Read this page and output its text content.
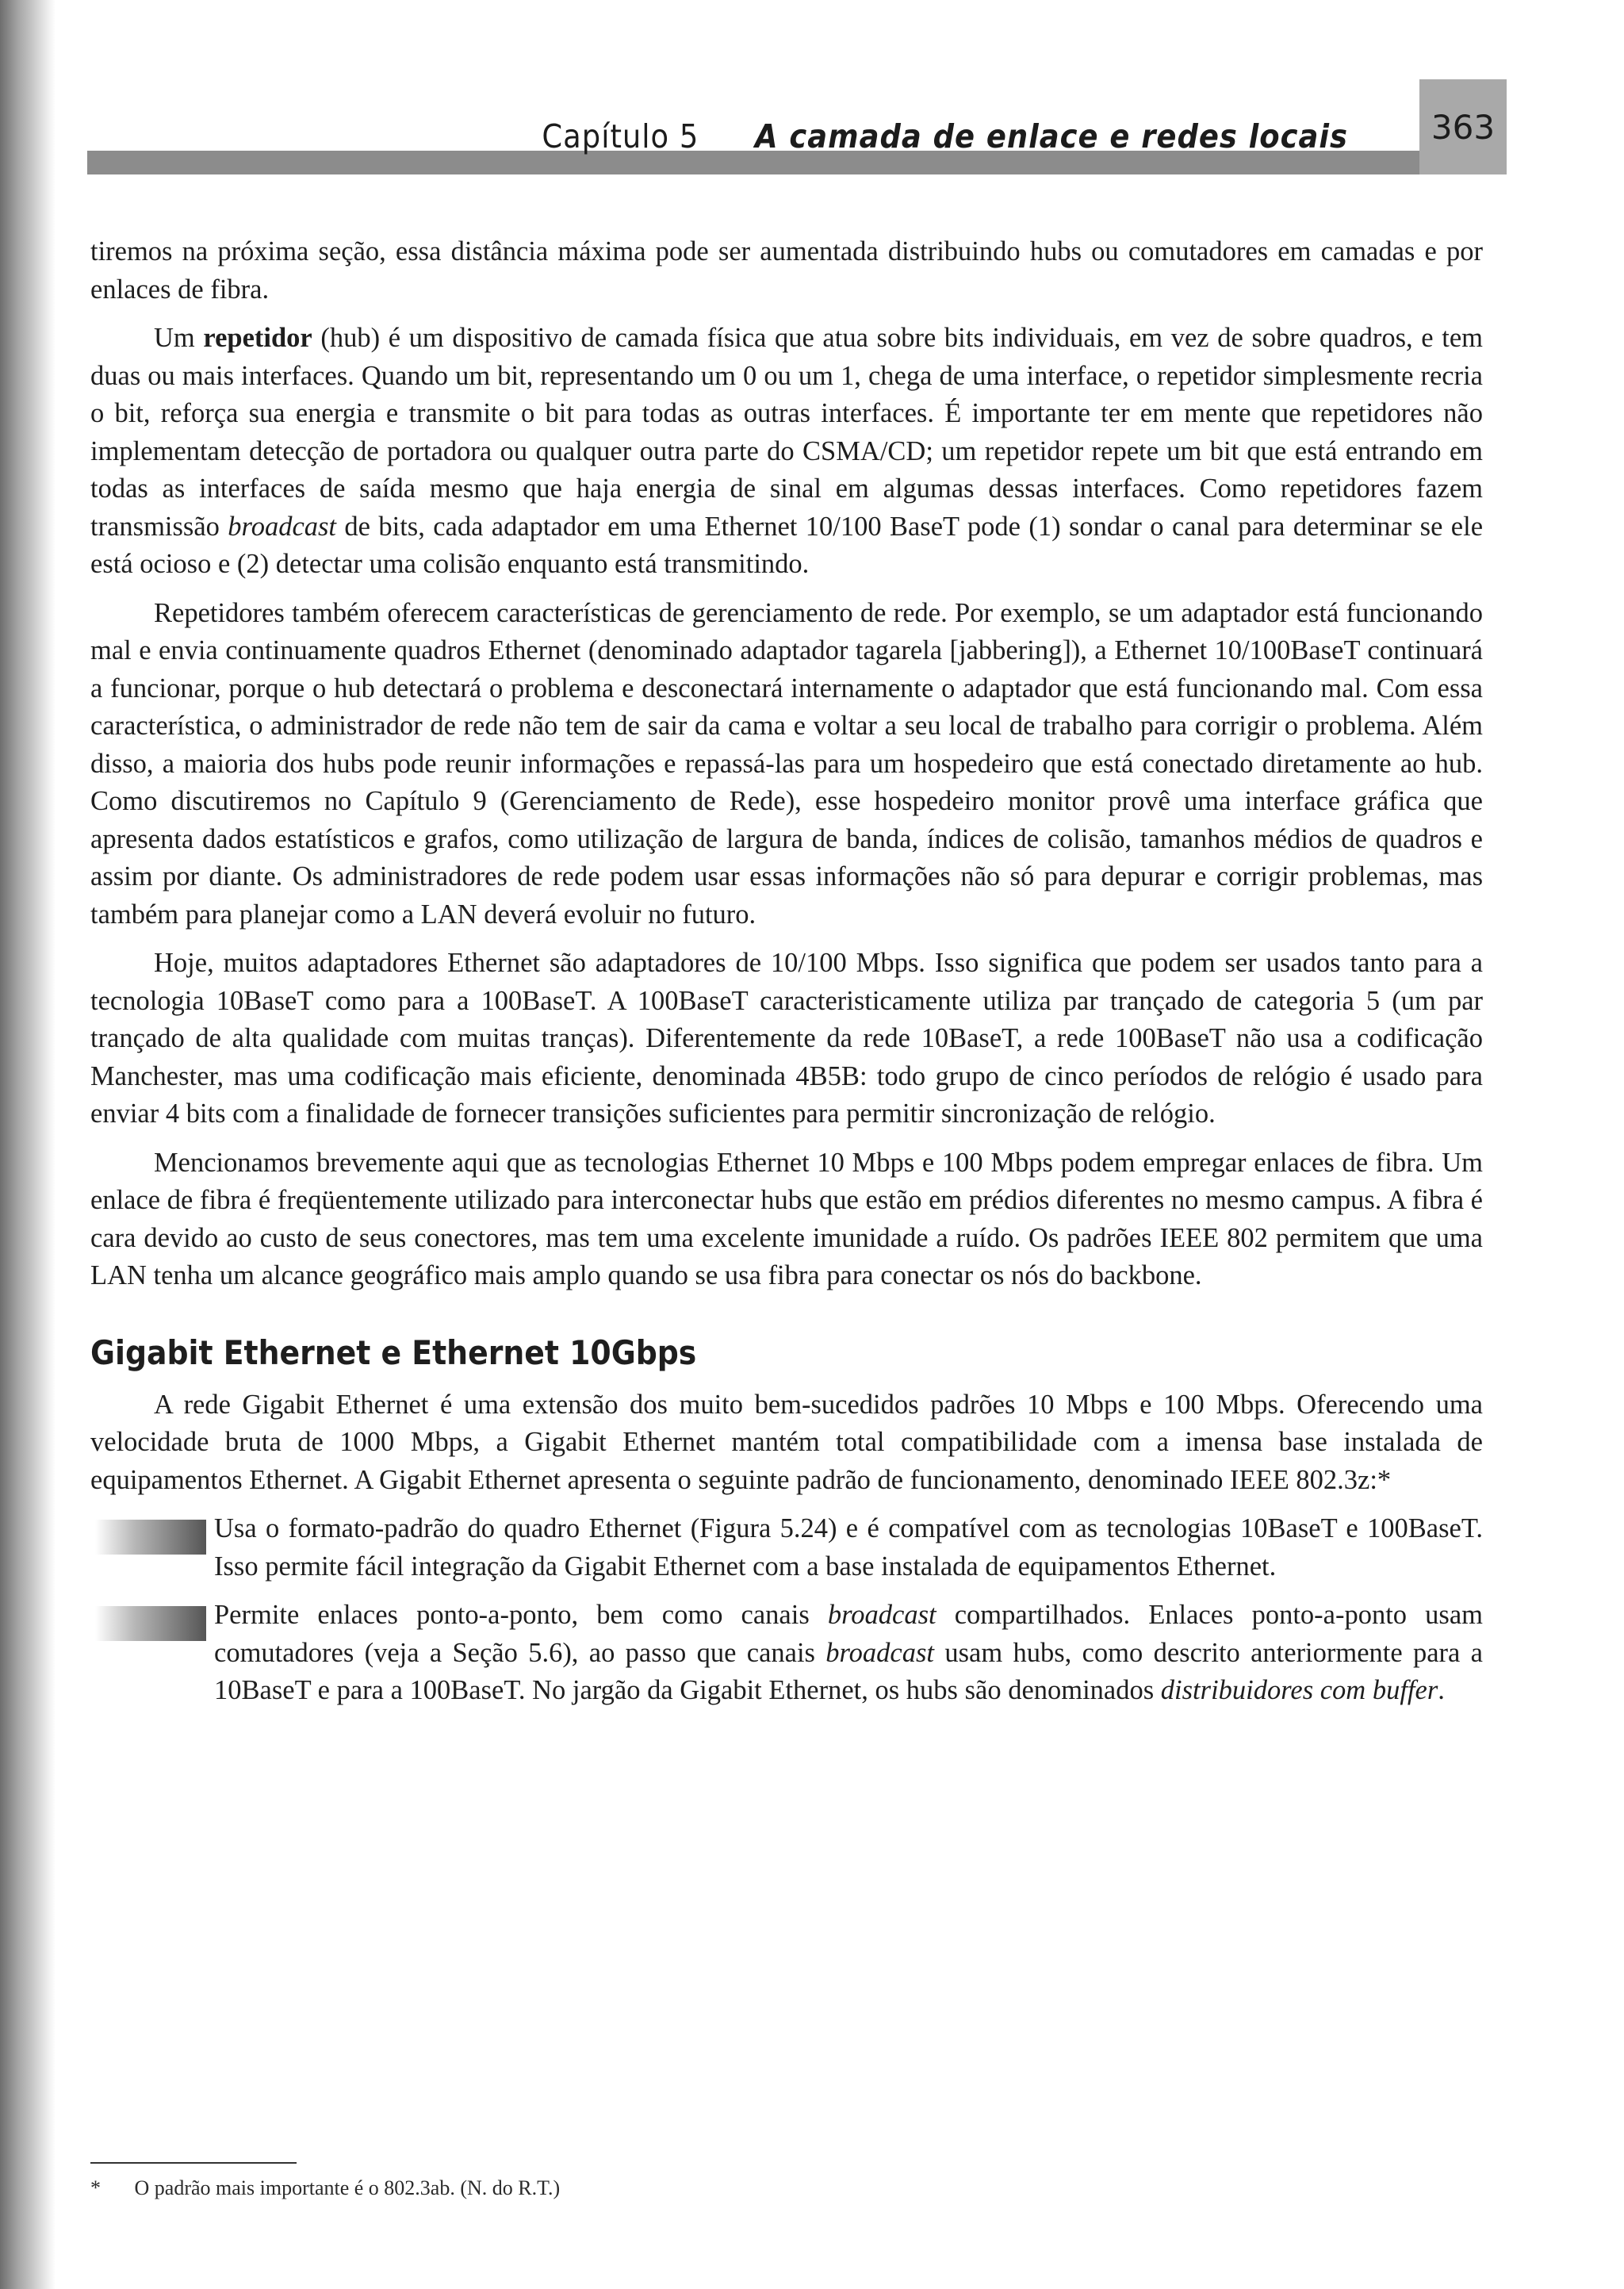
Capítulo 5 A camada de enlace e redes locais	363

tiremos na próxima seção, essa distância máxima pode ser aumentada distribuindo hubs ou comutadores em camadas e por enlaces de fibra.

Um repetidor (hub) é um dispositivo de camada física que atua sobre bits individuais, em vez de sobre quadros, e tem duas ou mais interfaces. Quando um bit, representando um 0 ou um 1, chega de uma interface, o repetidor simplesmente recria o bit, reforça sua energia e transmite o bit para todas as outras interfaces. É importante ter em mente que repetidores não implementam detecção de portadora ou qualquer outra parte do CSMA/CD; um repetidor repete um bit que está entrando em todas as interfaces de saída mesmo que haja energia de sinal em algumas dessas interfaces. Como repetidores fazem transmissão broadcast de bits, cada adaptador em uma Ethernet 10/100 BaseT pode (1) sondar o canal para determinar se ele está ocioso e (2) detectar uma colisão enquanto está transmitindo.

Repetidores também oferecem características de gerenciamento de rede. Por exemplo, se um adaptador está funcionando mal e envia continuamente quadros Ethernet (denominado adaptador tagarela [jabbering]), a Ethernet 10/100BaseT continuará a funcionar, porque o hub detectará o problema e desconectará internamente o adaptador que está funcionando mal. Com essa característica, o administrador de rede não tem de sair da cama e voltar a seu local de trabalho para corrigir o problema. Além disso, a maioria dos hubs pode reunir informações e repassá-las para um hospedeiro que está conectado diretamente ao hub. Como discutiremos no Capítulo 9 (Gerenciamento de Rede), esse hospedeiro monitor provê uma interface gráfica que apresenta dados estatísticos e grafos, como utilização de largura de banda, índices de colisão, tamanhos médios de quadros e assim por diante. Os administradores de rede podem usar essas informações não só para depurar e corrigir problemas, mas também para planejar como a LAN deverá evoluir no futuro.

Hoje, muitos adaptadores Ethernet são adaptadores de 10/100 Mbps. Isso significa que podem ser usados tanto para a tecnologia 10BaseT como para a 100BaseT. A 100BaseT caracteristicamente utiliza par trançado de categoria 5 (um par trançado de alta qualidade com muitas tranças). Diferentemente da rede 10BaseT, a rede 100BaseT não usa a codificação Manchester, mas uma codificação mais eficiente, denominada 4B5B: todo grupo de cinco períodos de relógio é usado para enviar 4 bits com a finalidade de fornecer transições suficientes para permitir sincronização de relógio.

Mencionamos brevemente aqui que as tecnologias Ethernet 10 Mbps e 100 Mbps podem empregar enlaces de fibra. Um enlace de fibra é freqüentemente utilizado para interconectar hubs que estão em prédios diferentes no mesmo campus. A fibra é cara devido ao custo de seus conectores, mas tem uma excelente imunidade a ruído. Os padrões IEEE 802 permitem que uma LAN tenha um alcance geográfico mais amplo quando se usa fibra para conectar os nós do backbone.

Gigabit Ethernet e Ethernet 10Gbps

A rede Gigabit Ethernet é uma extensão dos muito bem-sucedidos padrões 10 Mbps e 100 Mbps. Oferecendo uma velocidade bruta de 1000 Mbps, a Gigabit Ethernet mantém total compatibilidade com a imensa base instalada de equipamentos Ethernet. A Gigabit Ethernet apresenta o seguinte padrão de funcionamento, denominado IEEE 802.3z:*

Usa o formato-padrão do quadro Ethernet (Figura 5.24) e é compatível com as tecnologias 10BaseT e 100BaseT. Isso permite fácil integração da Gigabit Ethernet com a base instalada de equipamentos Ethernet.
Permite enlaces ponto-a-ponto, bem como canais broadcast compartilhados. Enlaces ponto-a-ponto usam comutadores (veja a Seção 5.6), ao passo que canais broadcast usam hubs, como descrito anteriormente para a 10BaseT e para a 100BaseT. No jargão da Gigabit Ethernet, os hubs são denominados distribuidores com buffer.
* O padrão mais importante é o 802.3ab. (N. do R.T.)
